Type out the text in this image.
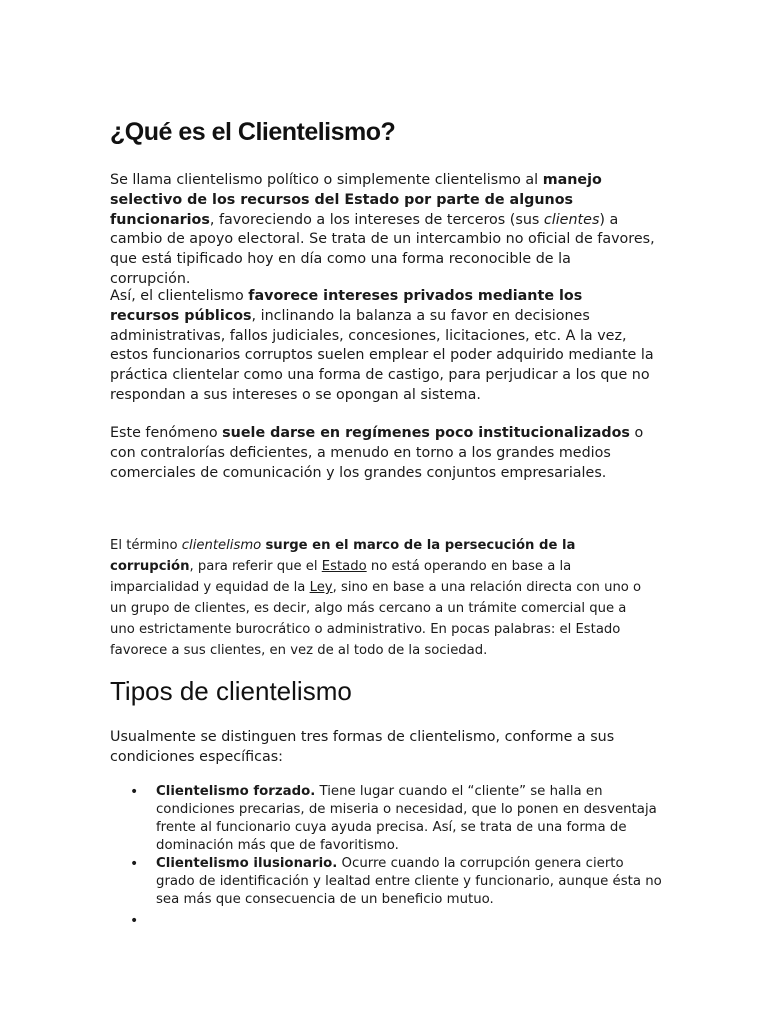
¿Qué es el Clientelismo?

Se llama clientelismo político o simplemente clientelismo al manejo selectivo de los recursos del Estado por parte de algunos funcionarios, favoreciendo a los intereses de terceros (sus clientes) a cambio de apoyo electoral. Se trata de un intercambio no oficial de favores, que está tipificado hoy en día como una forma reconocible de la corrupción.

Así, el clientelismo favorece intereses privados mediante los recursos públicos, inclinando la balanza a su favor en decisiones administrativas, fallos judiciales, concesiones, licitaciones, etc. A la vez, estos funcionarios corruptos suelen emplear el poder adquirido mediante la práctica clientelar como una forma de castigo, para perjudicar a los que no respondan a sus intereses o se opongan al sistema.

Este fenómeno suele darse en regímenes poco institucionalizados o con contralorías deficientes, a menudo en torno a los grandes medios comerciales de comunicación y los grandes conjuntos empresariales.

El término clientelismo surge en el marco de la persecución de la corrupción, para referir que el Estado no está operando en base a la imparcialidad y equidad de la Ley, sino en base a una relación directa con uno o un grupo de clientes, es decir, algo más cercano a un trámite comercial que a uno estrictamente burocrático o administrativo. En pocas palabras: el Estado favorece a sus clientes, en vez de al todo de la sociedad.

Tipos de clientelismo

Usualmente se distinguen tres formas de clientelismo, conforme a sus condiciones específicas:

• Clientelismo forzado. Tiene lugar cuando el “cliente” se halla en condiciones precarias, de miseria o necesidad, que lo ponen en desventaja frente al funcionario cuya ayuda precisa. Así, se trata de una forma de dominación más que de favoritismo.
• Clientelismo ilusionario. Ocurre cuando la corrupción genera cierto grado de identificación y lealtad entre cliente y funcionario, aunque ésta no sea más que consecuencia de un beneficio mutuo.
•
